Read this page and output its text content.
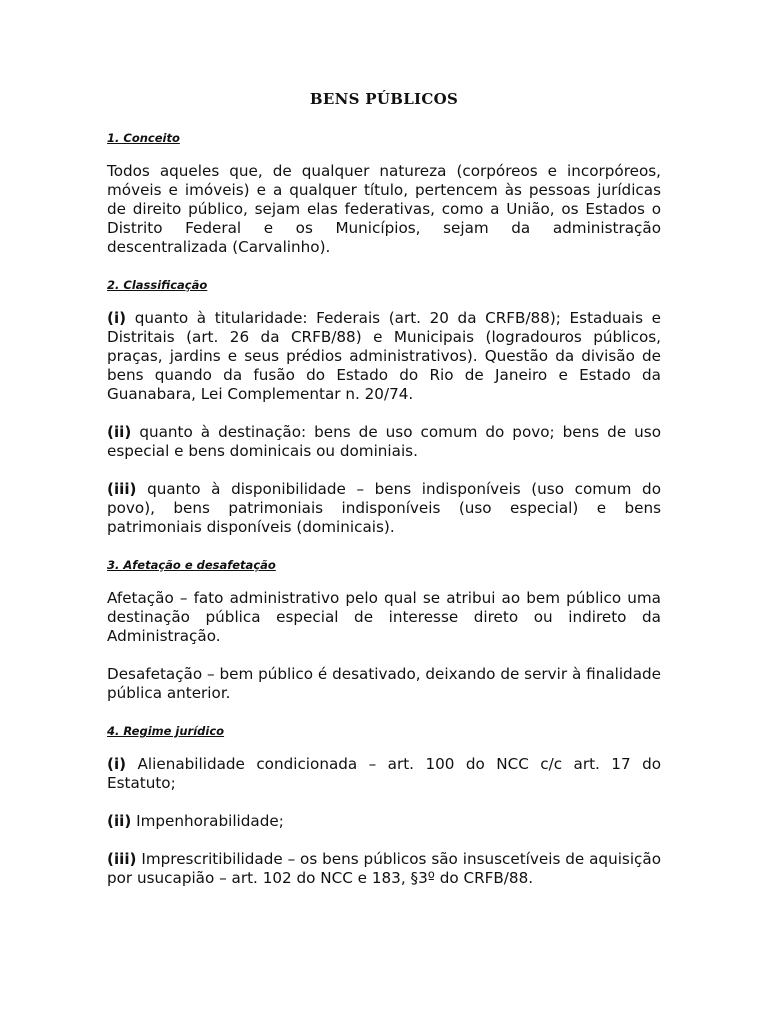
BENS PÚBLICOS
1. Conceito

Todos aqueles que, de qualquer natureza (corpóreos e incorpóreos, móveis e imóveis) e a qualquer título, pertencem às pessoas jurídicas de direito público, sejam elas federativas, como a União, os Estados o Distrito Federal e os Municípios, sejam da administração descentralizada (Carvalinho).

2. Classificação

(i) quanto à titularidade: Federais (art. 20 da CRFB/88); Estaduais e Distritais (art. 26 da CRFB/88) e Municipais (logradouros públicos, praças, jardins e seus prédios administrativos). Questão da divisão de bens quando da fusão do Estado do Rio de Janeiro e Estado da Guanabara, Lei Complementar n. 20/74.

(ii) quanto à destinação: bens de uso comum do povo; bens de uso especial e bens dominicais ou dominiais.

(iii) quanto à disponibilidade – bens indisponíveis (uso comum do povo), bens patrimoniais indisponíveis (uso especial) e bens patrimoniais disponíveis (dominicais).

3. Afetação e desafetação

Afetação – fato administrativo pelo qual se atribui ao bem público uma destinação pública especial de interesse direto ou indireto da Administração.

Desafetação – bem público é desativado, deixando de servir à finalidade pública anterior.

4. Regime jurídico

(i) Alienabilidade condicionada – art. 100 do NCC c/c art. 17 do Estatuto;

(ii) Impenhorabilidade;

(iii) Imprescritibilidade – os bens públicos são insuscetíveis de aquisição por usucapião – art. 102 do NCC e 183, §3º do CRFB/88.
